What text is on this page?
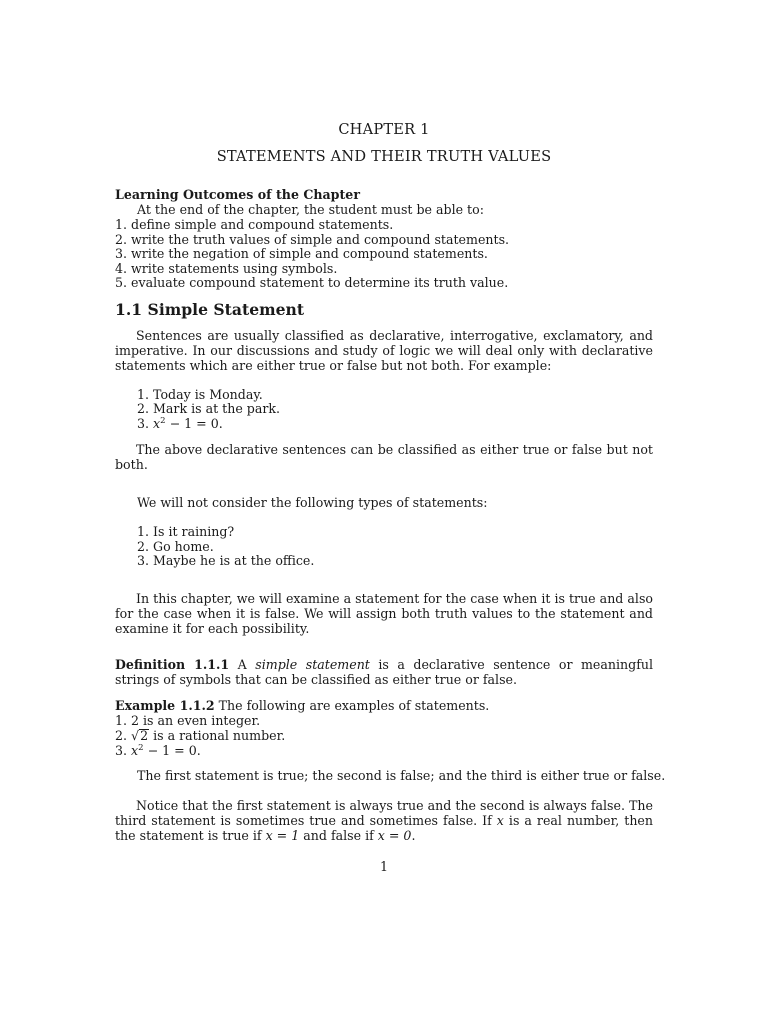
CHAPTER 1
STATEMENTS AND THEIR TRUTH VALUES
Learning Outcomes of the Chapter
At the end of the chapter, the student must be able to:
1. define simple and compound statements.
2. write the truth values of simple and compound statements.
3. write the negation of simple and compound statements.
4. write statements using symbols.
5. evaluate compound statement to determine its truth value.
1.1 Simple Statement
Sentences are usually classified as declarative, interrogative, exclamatory, and imperative. In our discussions and study of logic we will deal only with declarative statements which are either true or false but not both. For example:
1. Today is Monday.
2. Mark is at the park.
3. $x^2 - 1 = 0$.
The above declarative sentences can be classified as either true or false but not both.
We will not consider the following types of statements:
1. Is it raining?
2. Go home.
3. Maybe he is at the office.
In this chapter, we will examine a statement for the case when it is true and also for the case when it is false. We will assign both truth values to the statement and examine it for each possibility.
Definition 1.1.1 A simple statement is a declarative sentence or meaningful strings of symbols that can be classified as either true or false.
Example 1.1.2 The following are examples of statements.
1. 2 is an even integer.
2. √2 is a rational number.
3. $x^2 - 1 = 0$.
The first statement is true; the second is false; and the third is either true or false.
Notice that the first statement is always true and the second is always false. The third statement is sometimes true and sometimes false. If x is a real number, then the statement is true if x = 1 and false if x = 0.
1
